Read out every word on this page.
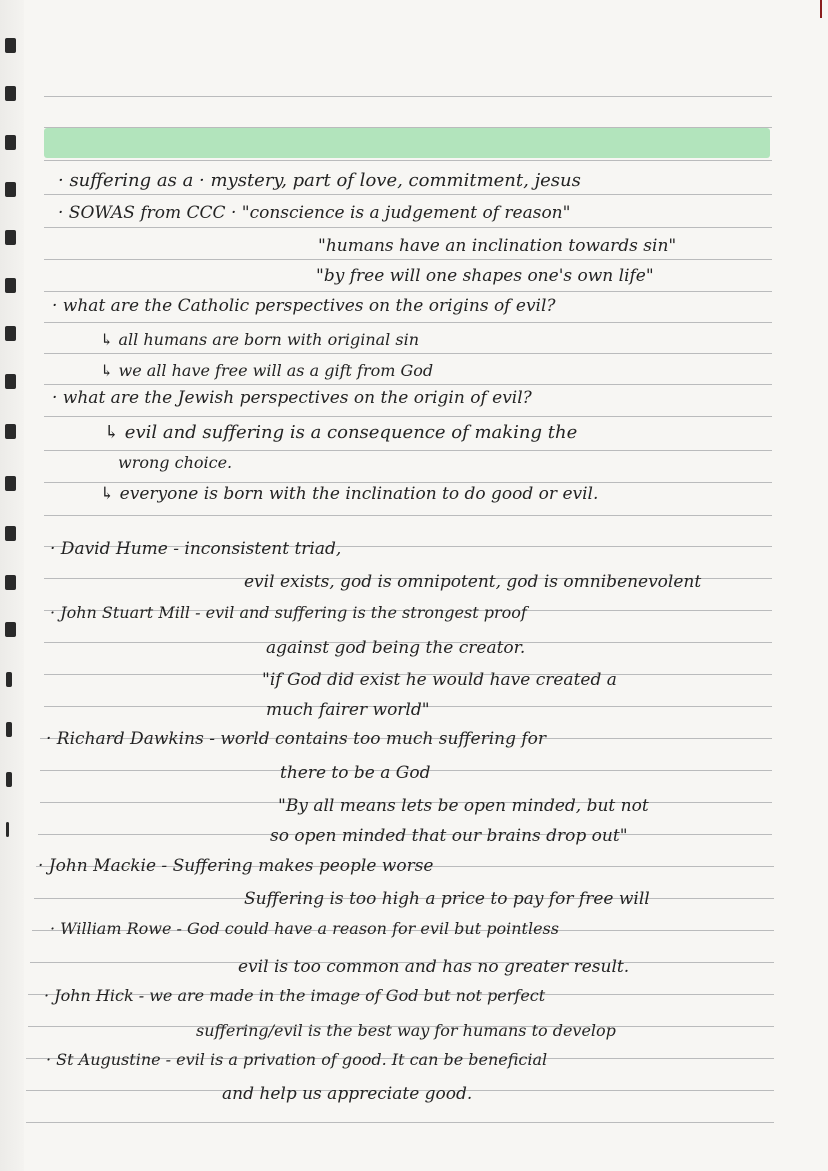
· suffering as a · mystery, part of love, commitment, jesus
· SOWAS from CCC · "conscience is a judgement of reason"
"humans have an inclination towards sin"
"by free will one shapes one's own life"
· what are the Catholic perspectives on the origins of evil?
↳ all humans are born with original sin
↳ we all have free will as a gift from God
· what are the Jewish perspectives on the origin of evil?
↳ evil and suffering is a consequence of making the
wrong choice.
↳ everyone is born with the inclination to do good or evil.
· David Hume - inconsistent triad,
evil exists, god is omnipotent, god is omnibenevolent
· John Stuart Mill - evil and suffering is the strongest proof
against god being the creator.
"if God did exist he would have created a
much fairer world"
· Richard Dawkins - world contains too much suffering for
there to be a God
"By all means lets be open minded, but not
so open minded that our brains drop out"
· John Mackie - Suffering makes people worse
Suffering is too high a price to pay for free will
· William Rowe - God could have a reason for evil but pointless
evil is too common and has no greater result.
· John Hick - we are made in the image of God but not perfect
suffering/evil is the best way for humans to develop
· St Augustine - evil is a privation of good. It can be beneficial
and help us appreciate good.
